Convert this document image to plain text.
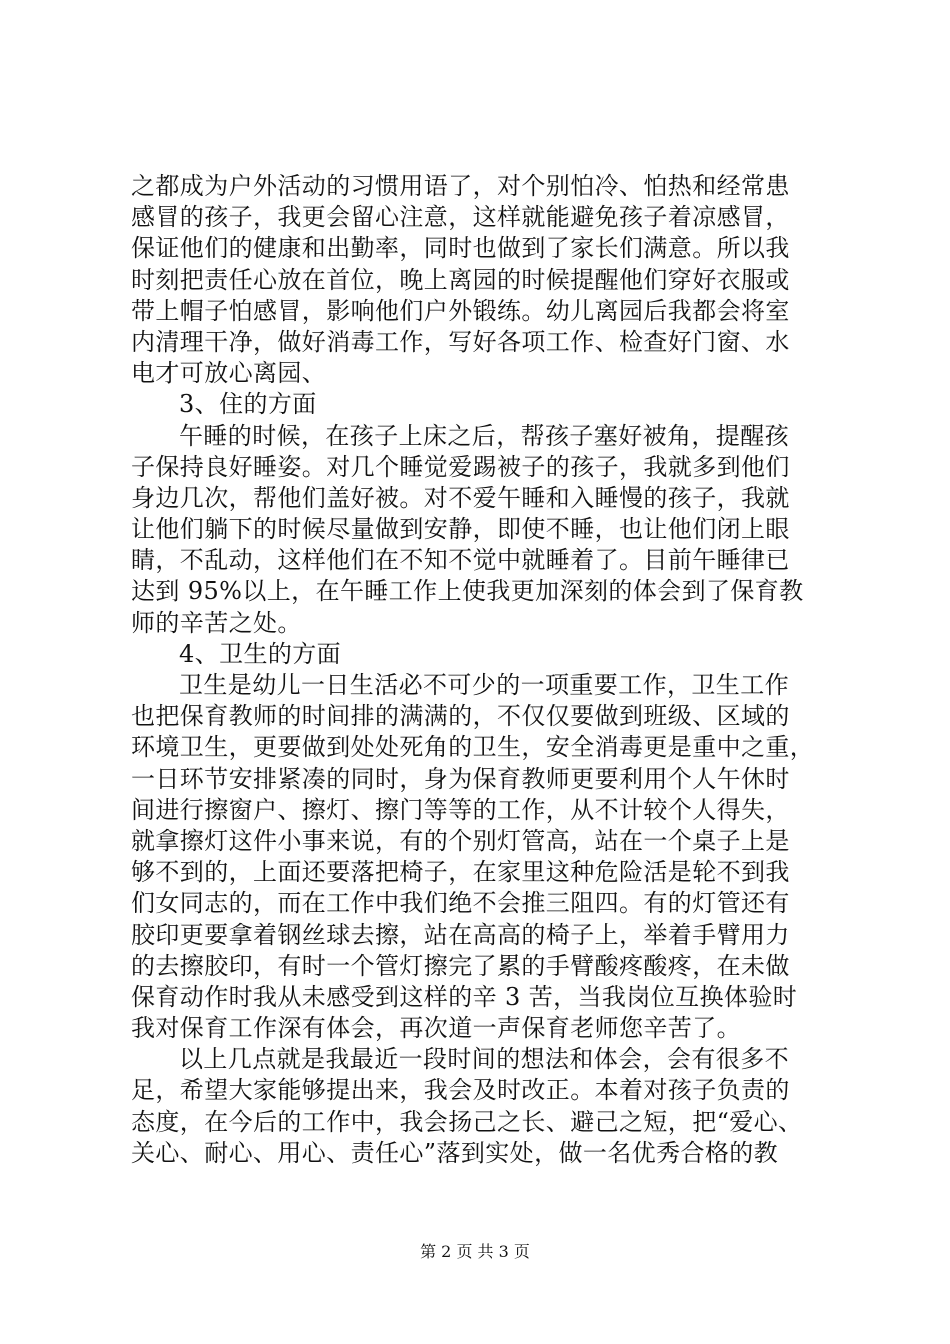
之都成为户外活动的习惯用语了，对个别怕冷、怕热和经常患
感冒的孩子，我更会留心注意，这样就能避免孩子着凉感冒，
保证他们的健康和出勤率，同时也做到了家长们满意。所以我
时刻把责任心放在首位，晚上离园的时候提醒他们穿好衣服或
带上帽子怕感冒，影响他们户外锻练。幼儿离园后我都会将室
内清理干净，做好消毒工作，写好各项工作、检查好门窗、水
电才可放心离园、
3、住的方面
午睡的时候，在孩子上床之后，帮孩子塞好被角，提醒孩
子保持良好睡姿。对几个睡觉爱踢被子的孩子，我就多到他们
身边几次，帮他们盖好被。对不爱午睡和入睡慢的孩子，我就
让他们躺下的时候尽量做到安静，即使不睡，也让他们闭上眼
睛，不乱动，这样他们在不知不觉中就睡着了。目前午睡律已
达到 95%以上，在午睡工作上使我更加深刻的体会到了保育教
师的辛苦之处。
4、卫生的方面
卫生是幼儿一日生活必不可少的一项重要工作，卫生工作
也把保育教师的时间排的满满的，不仅仅要做到班级、区域的
环境卫生，更要做到处处死角的卫生，安全消毒更是重中之重，
一日环节安排紧凑的同时，身为保育教师更要利用个人午休时
间进行擦窗户、擦灯、擦门等等的工作，从不计较个人得失，
就拿擦灯这件小事来说，有的个别灯管高，站在一个桌子上是
够不到的，上面还要落把椅子，在家里这种危险活是轮不到我
们女同志的，而在工作中我们绝不会推三阻四。有的灯管还有
胶印更要拿着钢丝球去擦，站在高高的椅子上，举着手臂用力
的去擦胶印，有时一个管灯擦完了累的手臂酸疼酸疼，在未做
保育动作时我从未感受到这样的辛 3 苦，当我岗位互换体验时
我对保育工作深有体会，再次道一声保育老师您辛苦了。
以上几点就是我最近一段时间的想法和体会，会有很多不
足，希望大家能够提出来，我会及时改正。本着对孩子负责的
态度，在今后的工作中，我会扬己之长、避己之短，把“爱心、
关心、耐心、用心、责任心”落到实处，做一名优秀合格的教
第 2 页 共 3 页
